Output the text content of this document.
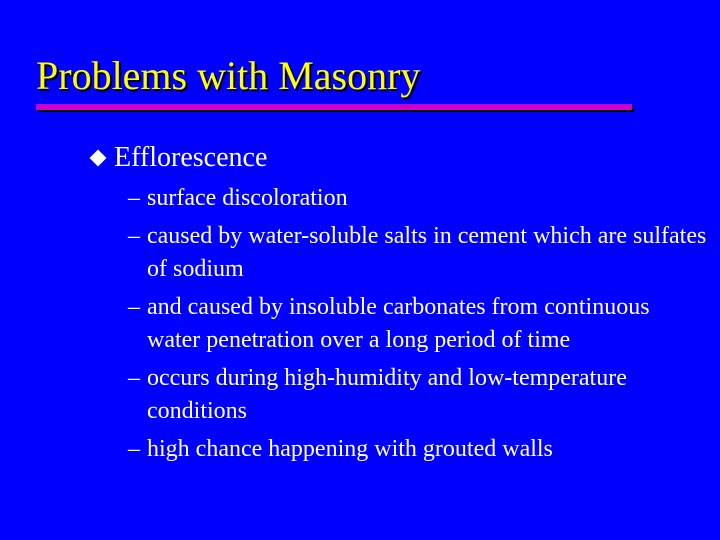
Problems with Masonry
Efflorescence
– surface discoloration
– caused by water-soluble salts in cement which are sulfates of sodium
– and caused by insoluble carbonates from continuous water penetration over a long period of time
– occurs during high-humidity and low-temperature conditions
– high chance happening with grouted walls
